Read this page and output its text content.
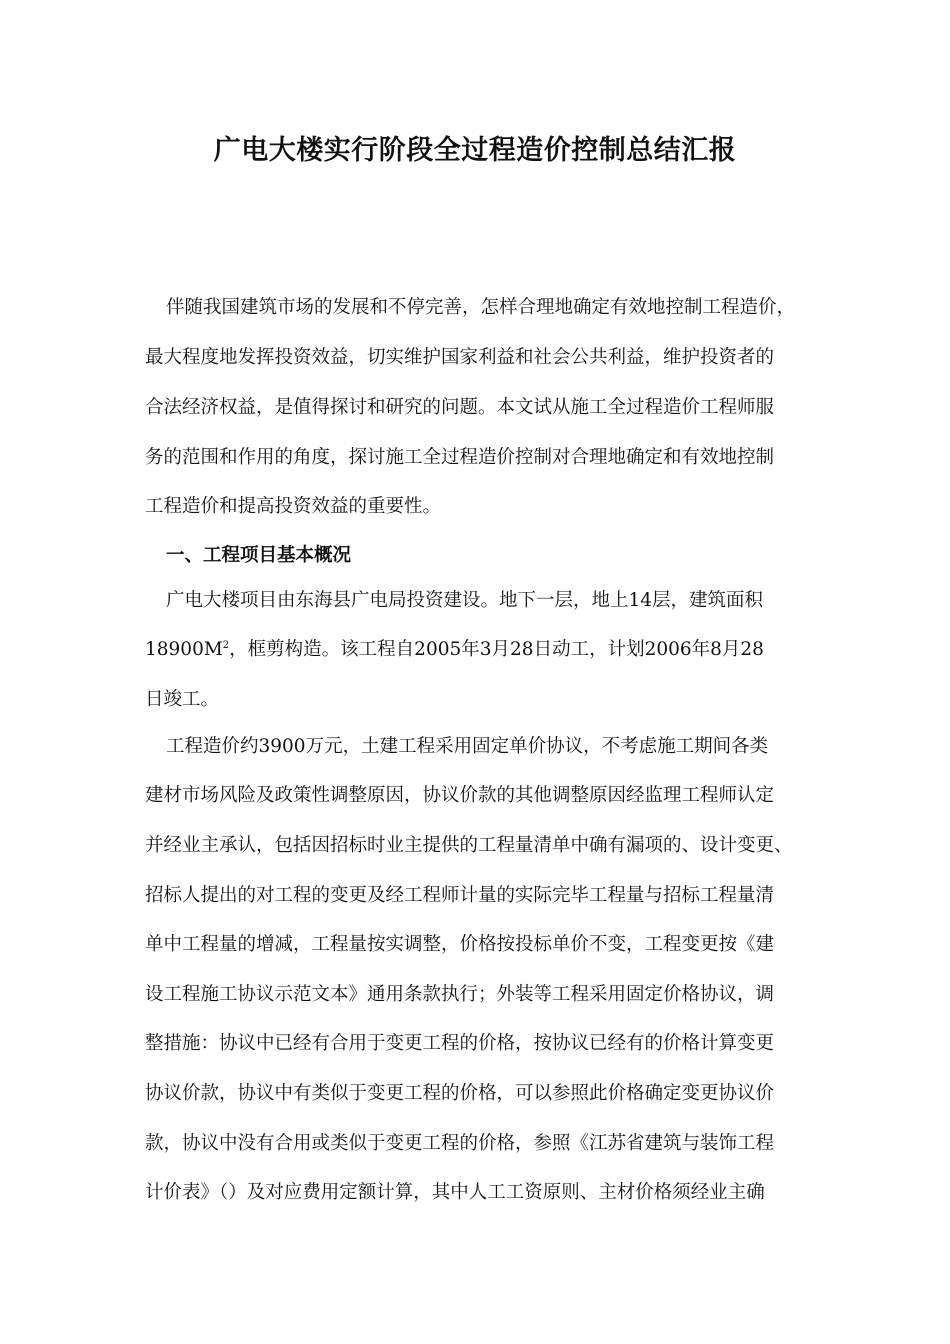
广电大楼实行阶段全过程造价控制总结汇报
伴随我国建筑市场的发展和不停完善，怎样合理地确定有效地控制工程造价，
最大程度地发挥投资效益，切实维护国家利益和社会公共利益，维护投资者的
合法经济权益，是值得探讨和研究的问题。本文试从施工全过程造价工程师服
务的范围和作用的角度，探讨施工全过程造价控制对合理地确定和有效地控制
工程造价和提高投资效益的重要性。
一、工程项目基本概况
广电大楼项目由东海县广电局投资建设。地下一层，地上14层，建筑面积
$18900M^2$，框剪构造。该工程自2005年3月28日动工，计划2006年8月28
日竣工。
工程造价约3900万元，土建工程采用固定单价协议，不考虑施工期间各类
建材市场风险及政策性调整原因，协议价款的其他调整原因经监理工程师认定
并经业主承认，包括因招标时业主提供的工程量清单中确有漏项的、设计变更、
招标人提出的对工程的变更及经工程师计量的实际完毕工程量与招标工程量清
单中工程量的增减，工程量按实调整，价格按投标单价不变，工程变更按《建
设工程施工协议示范文本》通用条款执行；外装等工程采用固定价格协议，调
整措施：协议中已经有合用于变更工程的价格，按协议已经有的价格计算变更
协议价款，协议中有类似于变更工程的价格，可以参照此价格确定变更协议价
款，协议中没有合用或类似于变更工程的价格，参照《江苏省建筑与装饰工程
计价表》（）及对应费用定额计算，其中人工工资原则、主材价格须经业主确
